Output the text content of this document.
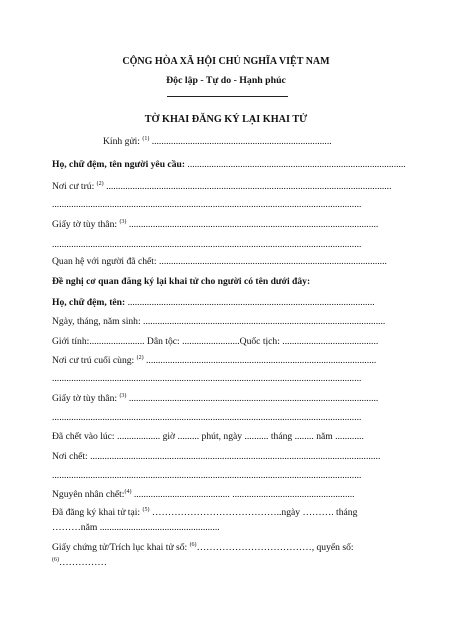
CỘNG HÒA XÃ HỘI CHỦ NGHĨA VIỆT NAM
Độc lập - Tự do - Hạnh phúc
TỜ KHAI ĐĂNG KÝ LẠI KHAI TỬ
Kính gửi: $^{(1)}$ ...........................................................................
Họ, chữ đệm, tên người yêu cầu: ...........................................................................................
Nơi cư trú: $^{(2)}$ .......................................................................................................................
.................................................................................................................................
Giấy tờ tùy thân: $^{(3)}$ ........................................................................................................
.................................................................................................................................
Quan hệ với người đã chết: ...............................................................................................
Đề nghị cơ quan đăng ký lại khai tử cho người có tên dưới đây:
Họ, chữ đệm, tên: .......................................................................................................
Ngày, tháng, năm sinh: .....................................................................................................
Giới tính:....................... Dân tộc: ........................Quốc tịch: ........................................
Nơi cư trú cuối cùng: $^{(2)}$ ................................................................................................
.................................................................................................................................
Giấy tờ tùy thân: $^{(3)}$ ........................................................................................................
.................................................................................................................................
Đã chết vào lúc: .................. giờ ......... phút, ngày .......... tháng ........ năm ............
Nơi chết: .........................................................................................................................
.................................................................................................................................
Nguyên nhân chết:$^{(4)}$ ........................................ ...................................................
Đã đăng ký khai tử tại: $^{(5)}$ …………………………………..ngày ………. tháng
………năm ..................................................
Giấy chứng tử/Trích lục khai tử số: $^{(6)}$………………………………, quyển số:
$^{(6)}$……………
